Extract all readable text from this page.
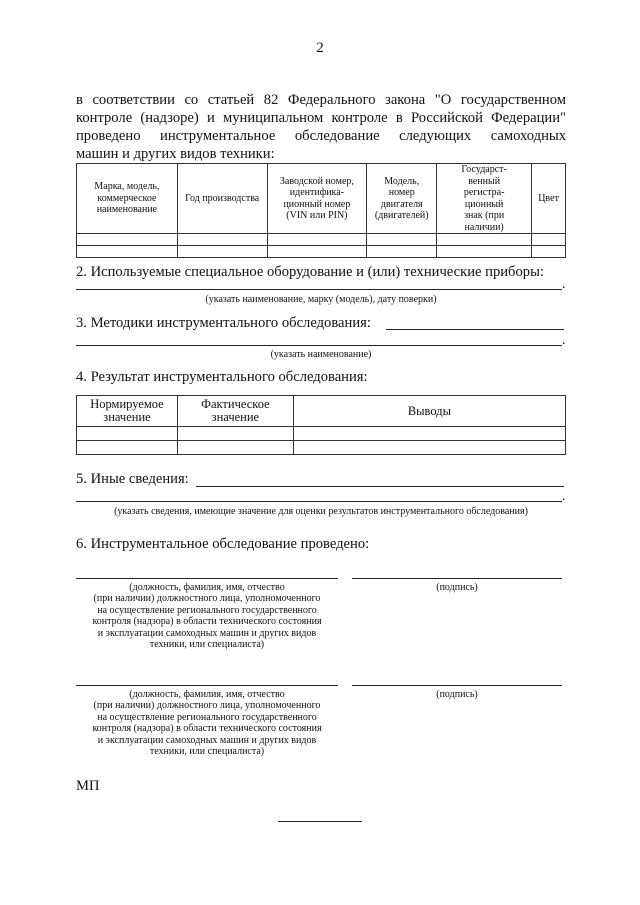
2
в соответствии со статьей 82 Федерального закона "О государственном
контроле (надзоре) и муниципальном контроле в Российской Федерации"
проведено инструментальное обследование следующих самоходных
машин и других видов техники:
Марка, модель, коммерческое наименование	Год производства	Заводской номер, идентифика- ционный номер (VIN или PIN)	Модель, номер двигателя (двигателей)	Государст- венный регистра- ционный знак (при наличии)	Цвет

2. Используемые специальное оборудование и (или) технические приборы:
.
(указать наименование, марку (модель), дату поверки)
3. Методики инструментального обследования:
.
(указать наименование)
4. Результат инструментального обследования:
Нормируемое значение	Фактическое значение	Выводы

5. Иные сведения:
.
(указать сведения, имеющие значение для оценки результатов инструментального обследования)
6. Инструментальное обследование проведено:
(должность, фамилия, имя, отчество
(при наличии) должностного лица, уполномоченного
на осуществление регионального государственного
контроля (надзора) в области технического состояния
и эксплуатации самоходных машин и других видов
техники, или специалиста)
(подпись)
(должность, фамилия, имя, отчество
(при наличии) должностного лица, уполномоченного
на осуществление регионального государственного
контроля (надзора) в области технического состояния
и эксплуатации самоходных машин и других видов
техники, или специалиста)
(подпись)
МП
